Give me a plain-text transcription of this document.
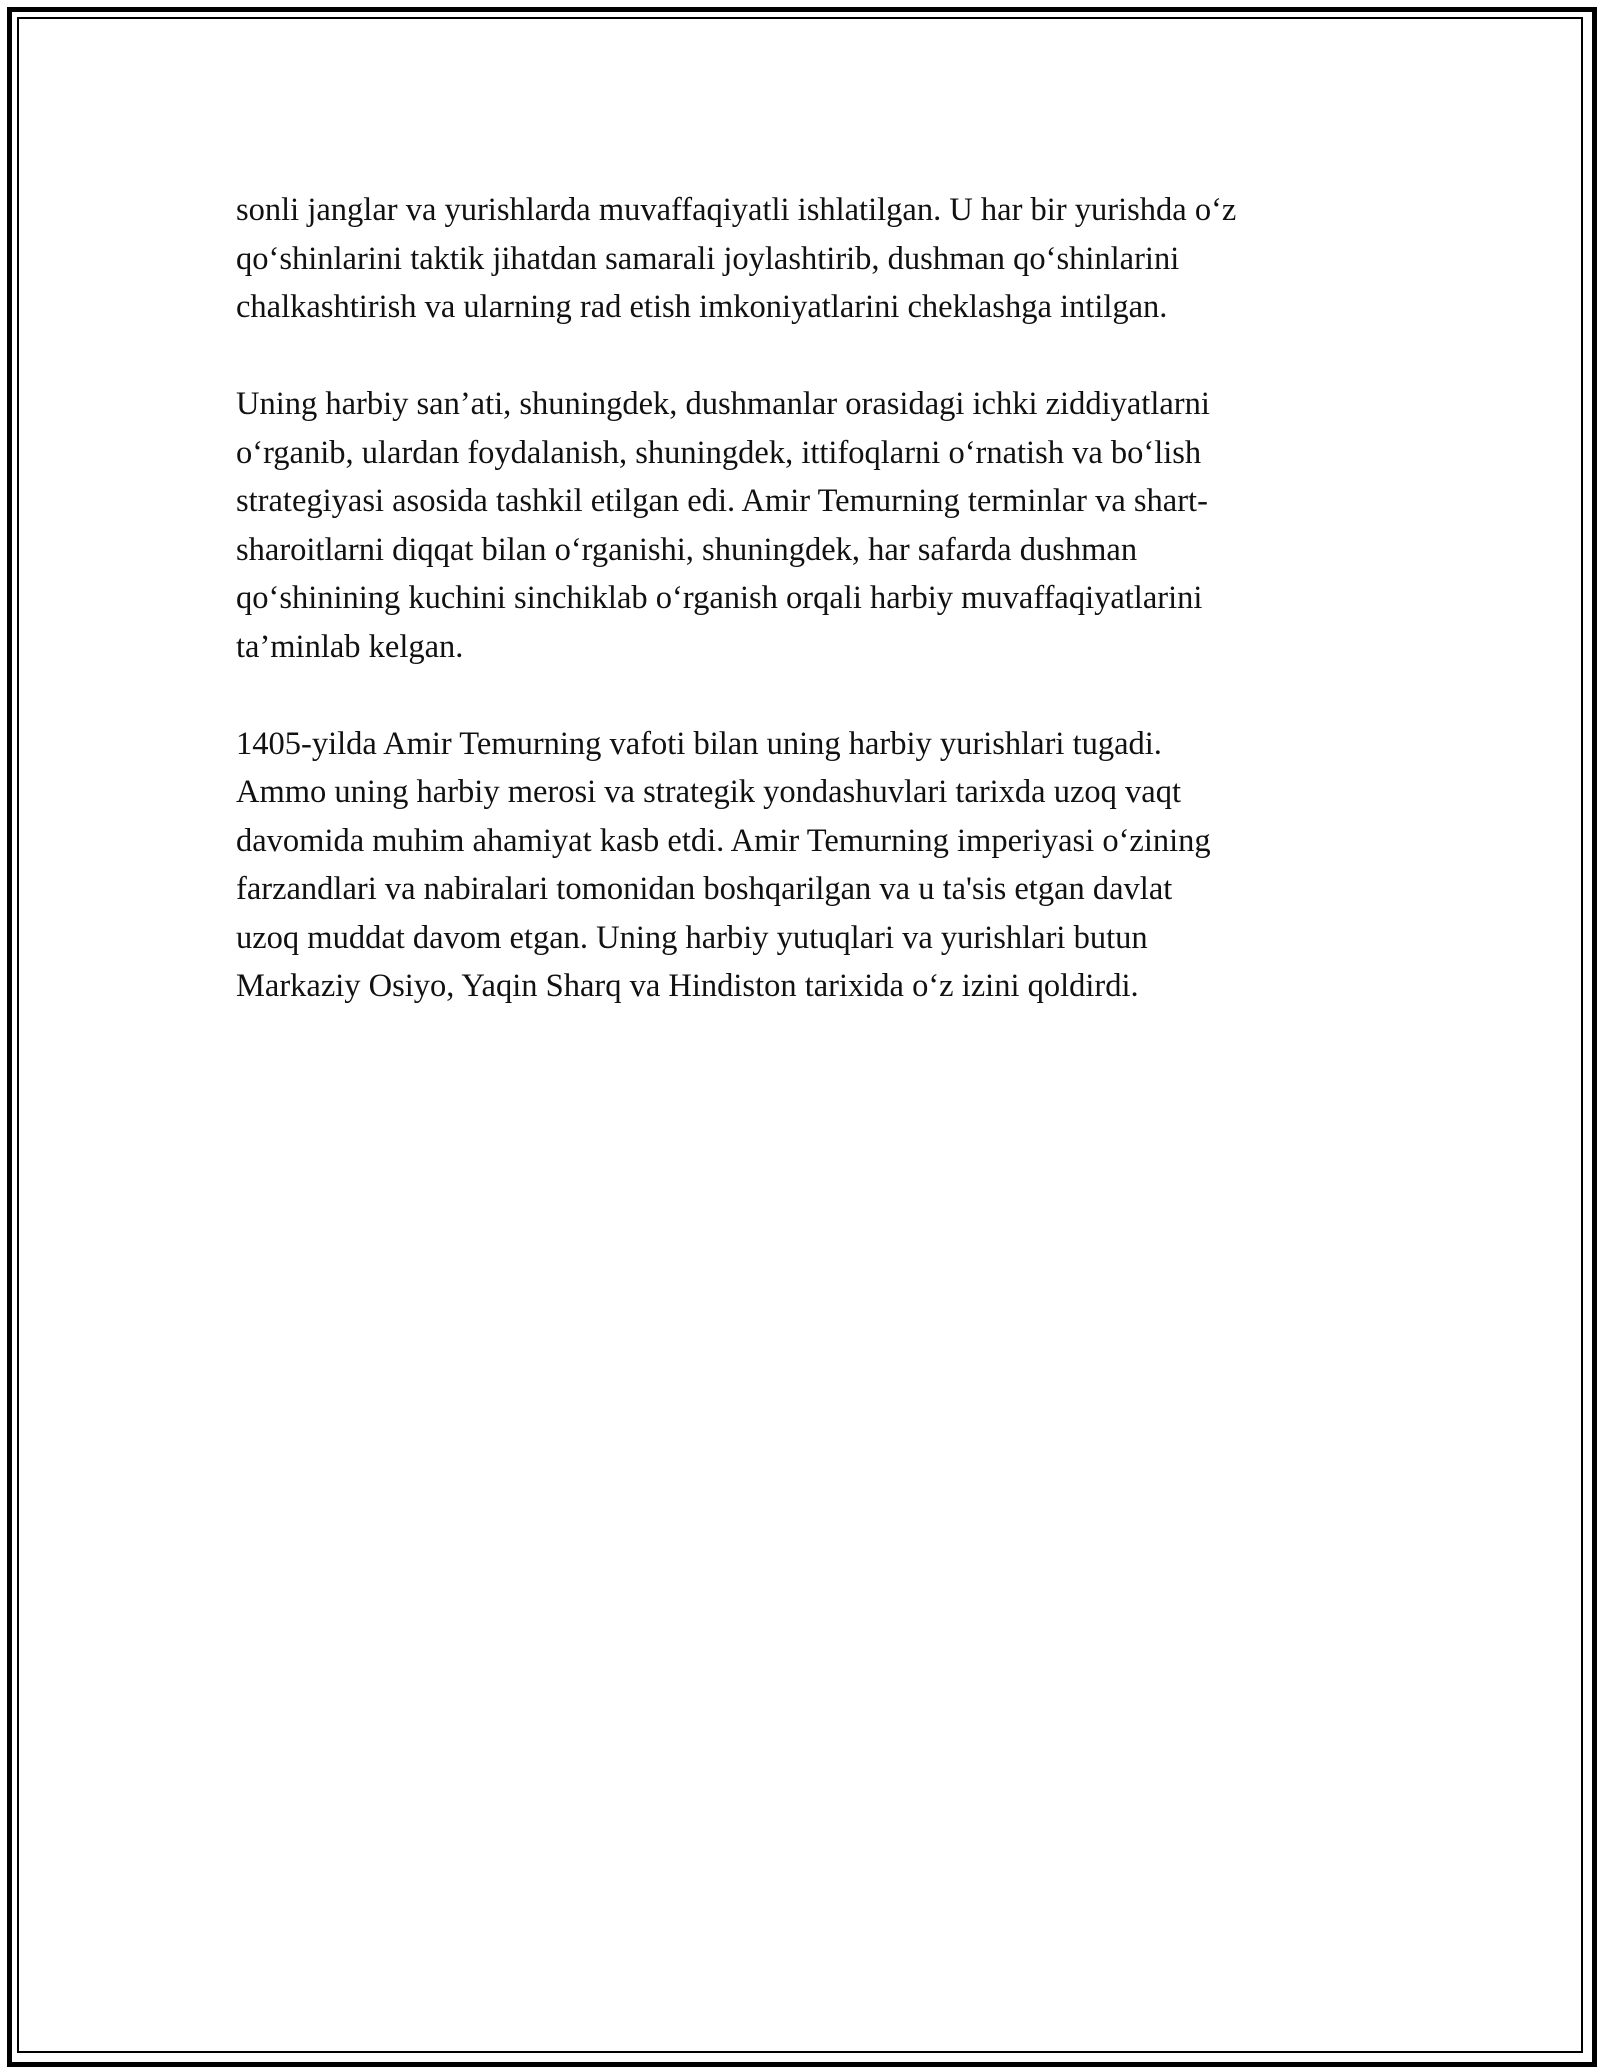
sonli janglar va yurishlarda muvaffaqiyatli ishlatilgan. U har bir yurishda o‘z
qo‘shinlarini taktik jihatdan samarali joylashtirib, dushman qo‘shinlarini
chalkashtirish va ularning rad etish imkoniyatlarini cheklashga intilgan.

Uning harbiy san’ati, shuningdek, dushmanlar orasidagi ichki ziddiyatlarni
o‘rganib, ulardan foydalanish, shuningdek, ittifoqlarni o‘rnatish va bo‘lish
strategiyasi asosida tashkil etilgan edi. Amir Temurning terminlar va shart-
sharoitlarni diqqat bilan o‘rganishi, shuningdek, har safarda dushman
qo‘shinining kuchini sinchiklab o‘rganish orqali harbiy muvaffaqiyatlarini
ta’minlab kelgan.

1405-yilda Amir Temurning vafoti bilan uning harbiy yurishlari tugadi.
Ammo uning harbiy merosi va strategik yondashuvlari tarixda uzoq vaqt
davomida muhim ahamiyat kasb etdi. Amir Temurning imperiyasi o‘zining
farzandlari va nabiralari tomonidan boshqarilgan va u ta'sis etgan davlat
uzoq muddat davom etgan. Uning harbiy yutuqlari va yurishlari butun
Markaziy Osiyo, Yaqin Sharq va Hindiston tarixida o‘z izini qoldirdi.
